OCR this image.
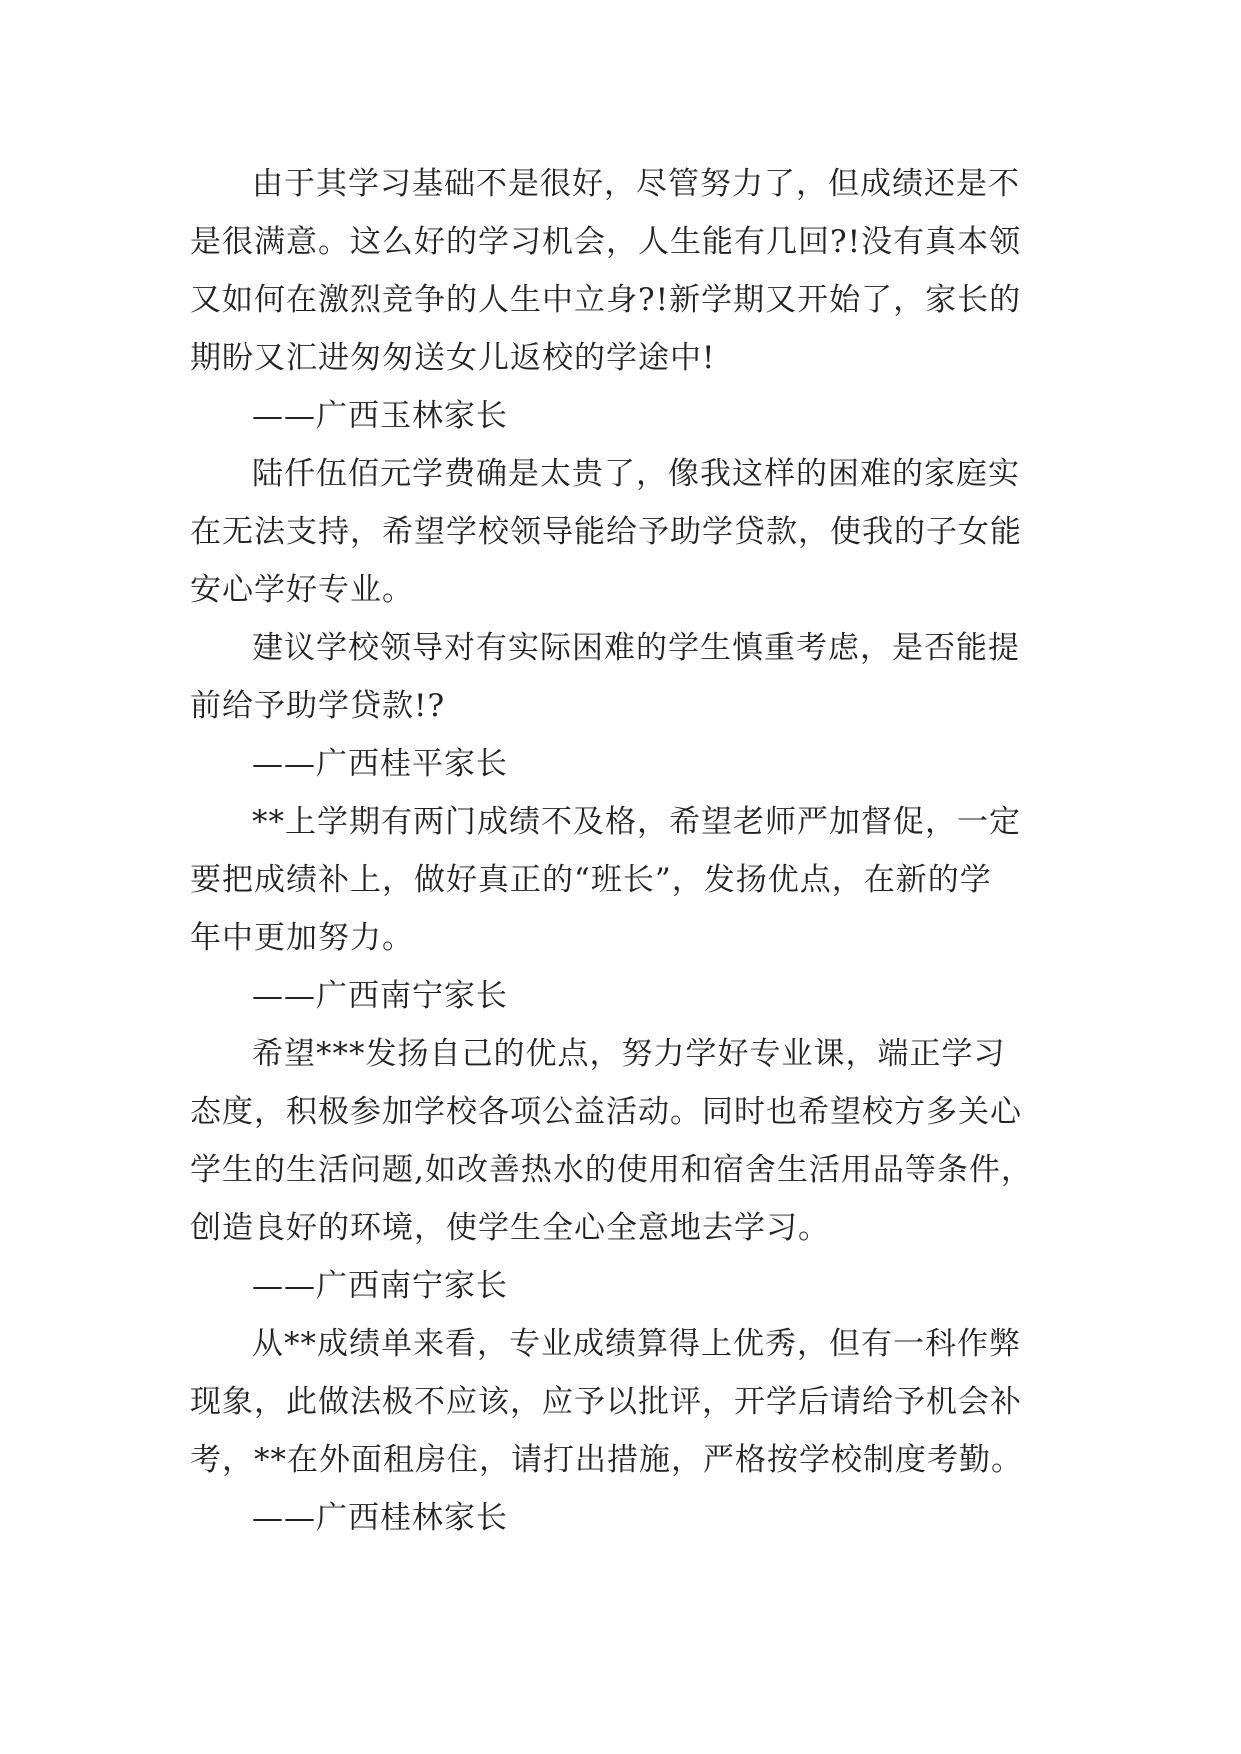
由于其学习基础不是很好，尽管努力了，但成绩还是不
是很满意。这么好的学习机会，人生能有几回?!没有真本领
又如何在激烈竞争的人生中立身?!新学期又开始了，家长的
期盼又汇进匆匆送女儿返校的学途中!
——广西玉林家长
陆仟伍佰元学费确是太贵了，像我这样的困难的家庭实
在无法支持，希望学校领导能给予助学贷款，使我的子女能
安心学好专业。
建议学校领导对有实际困难的学生慎重考虑，是否能提
前给予助学贷款!?
——广西桂平家长
**上学期有两门成绩不及格，希望老师严加督促，一定
要把成绩补上，做好真正的“班长”，发扬优点，在新的学
年中更加努力。
——广西南宁家长
希望***发扬自己的优点，努力学好专业课，端正学习
态度，积极参加学校各项公益活动。同时也希望校方多关心
学生的生活问题,如改善热水的使用和宿舍生活用品等条件，
创造良好的环境，使学生全心全意地去学习。
——广西南宁家长
从**成绩单来看，专业成绩算得上优秀，但有一科作弊
现象，此做法极不应该，应予以批评，开学后请给予机会补
考，**在外面租房住，请打出措施，严格按学校制度考勤。
——广西桂林家长
